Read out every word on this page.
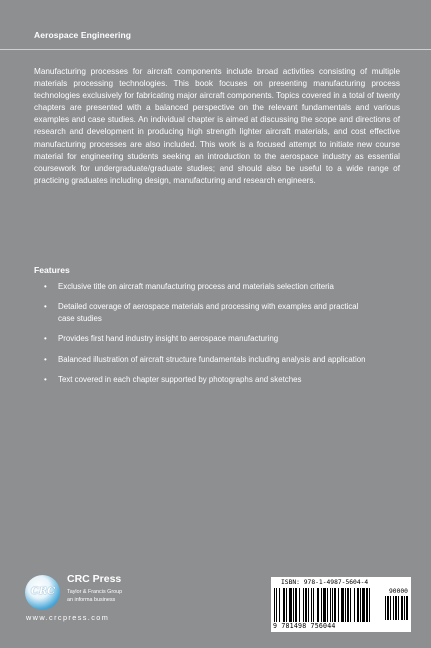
Aerospace Engineering
Manufacturing processes for aircraft components include broad activities consisting of multiple materials processing technologies. This book focuses on presenting manufacturing process technologies exclusively for fabricating major aircraft components. Topics covered in a total of twenty chapters are presented with a balanced perspective on the relevant fundamentals and various examples and case studies. An individual chapter is aimed at discussing the scope and directions of research and development in producing high strength lighter aircraft materials, and cost effective manufacturing processes are also included. This work is a focused attempt to initiate new course material for engineering students seeking an introduction to the aerospace industry as essential coursework for undergraduate/graduate studies; and should also be useful to a wide range of practicing graduates including design, manufacturing and research engineers.
Features
• Exclusive title on aircraft manufacturing process and materials selection criteria
• Detailed coverage of aerospace materials and processing with examples and practical case studies
• Provides first hand industry insight to aerospace manufacturing
• Balanced illustration of aircraft structure fundamentals including analysis and application
• Text covered in each chapter supported by photographs and sketches
CRC
CRC Press
Taylor & Francis Group
an informa business
www.crcpress.com
ISBN: 978-1-4987-5604-4
90000
9 781498 756044
